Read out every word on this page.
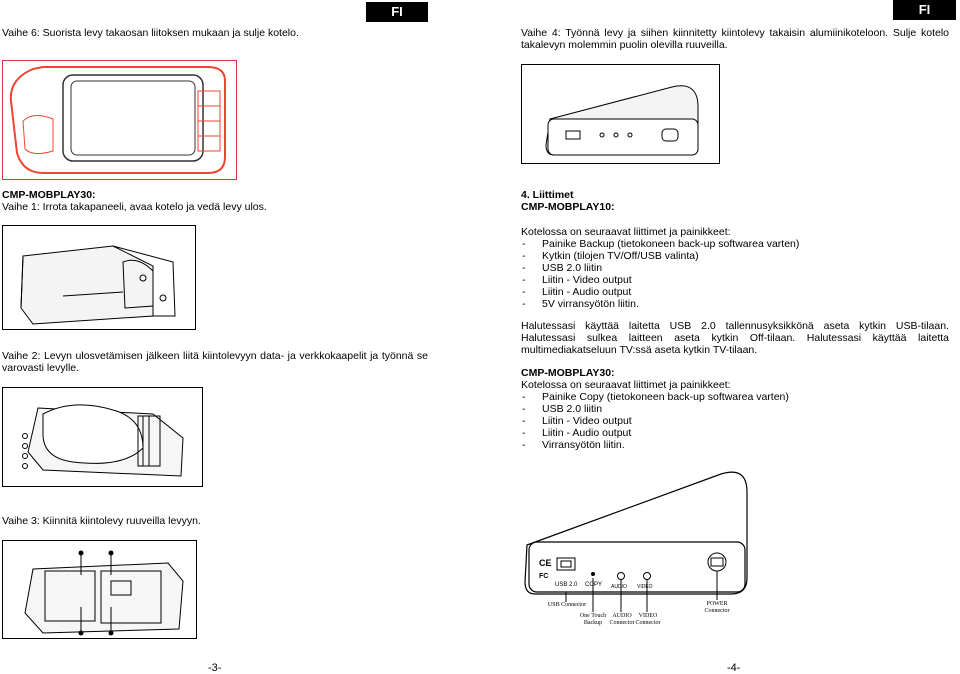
FI
Vaihe 6: Suorista levy takaosan liitoksen mukaan ja sulje kotelo.
CMP-MOBPLAY30:
Vaihe 1: Irrota takapaneeli, avaa kotelo ja vedä levy ulos.
Vaihe 2: Levyn ulosvetämisen jälkeen liitä kiintolevyyn data- ja verkkokaapelit ja työnnä se varovasti levylle.
Vaihe 3: Kiinnitä kiintolevy ruuveilla levyyn.
-3-
FI
Vaihe 4: Työnnä levy ja siihen kiinnitetty kiintolevy takaisin alumiinikoteloon. Sulje kotelo takalevyn molemmin puolin olevilla ruuveilla.
4. Liittimet
CMP-MOBPLAY10:
Kotelossa on seuraavat liittimet ja painikkeet:
- Painike Backup (tietokoneen back-up softwarea varten)
- Kytkin (tilojen TV/Off/USB valinta)
- USB 2.0 liitin
- Liitin - Video output
- Liitin - Audio output
- 5V virransyötön liitin.
Halutessasi käyttää laitetta USB 2.0 tallennusyksikkönä aseta kytkin USB-tilaan. Halutessasi sulkea laitteen aseta kytkin Off-tilaan. Halutessasi käyttää laitetta multimediakatseluun TV:ssä aseta kytkin TV-tilaan.
CMP-MOBPLAY30:
Kotelossa on seuraavat liittimet ja painikkeet:
- Painike Copy (tietokoneen back-up softwarea varten)
- USB 2.0 liitin
- Liitin - Video output
- Liitin - Audio output
- Virransyötön liitin.
CE
FC
USB 2.0 COPY AUDIO VIDEO
USB Connector
One Touch Backup
AUDIO Connector
VIDEO Connector
POWER Connector
-4-
